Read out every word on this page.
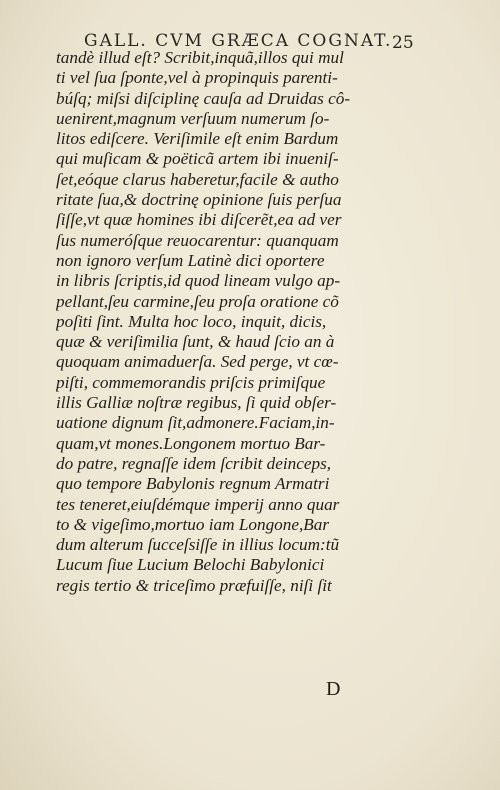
GALL. CVM GRÆCA COGNAT. 25
tandè illud eſt? Scribit,inquã,illos qui mul
ti vel ſua ſponte,vel à propinquis parenti-
búſq; miſsi diſciplinę cauſa ad Druidas cô-
uenirent,magnum verſuum numerum ſo-
litos ediſcere. Veriſimile eſt enim Bardum
qui muſicam & poëticã artem ibi inueniſ-
ſet,eóque clarus haberetur,facile & autho
ritate ſua,& doctrinę opinione ſuis perſua
ſiſſe,vt quæ homines ibi diſcerẽt,ea ad ver
ſus numeróſque reuocarentur: quanquam
non ignoro verſum Latinè dici oportere
in libris ſcriptis,id quod lineam vulgo ap-
pellant,ſeu carmine,ſeu proſa oratione cõ
poſiti ſint. Multa hoc loco, inquit, dicis,
quæ & veriſimilia ſunt, & haud ſcio an à
quoquam animaduerſa. Sed perge, vt cœ-
piſti, commemorandis priſcis primiſque
illis Galliæ noſtræ regibus, ſi quid obſer-
uatione dignum ſit,admonere.Faciam,in-
quam,vt mones.Longonem mortuo Bar-
do patre, regnaſſe idem ſcribit deinceps,
quo tempore Babylonis regnum Armatri
tes teneret,eiuſdémque imperij anno quar
to & vigeſimo,mortuo iam Longone,Bar
dum alterum ſucceſsiſſe in illius locum:tũ
Lucum ſiue Lucium Belochi Babylonici
regis tertio & triceſimo præfuiſſe, niſi ſit
D
